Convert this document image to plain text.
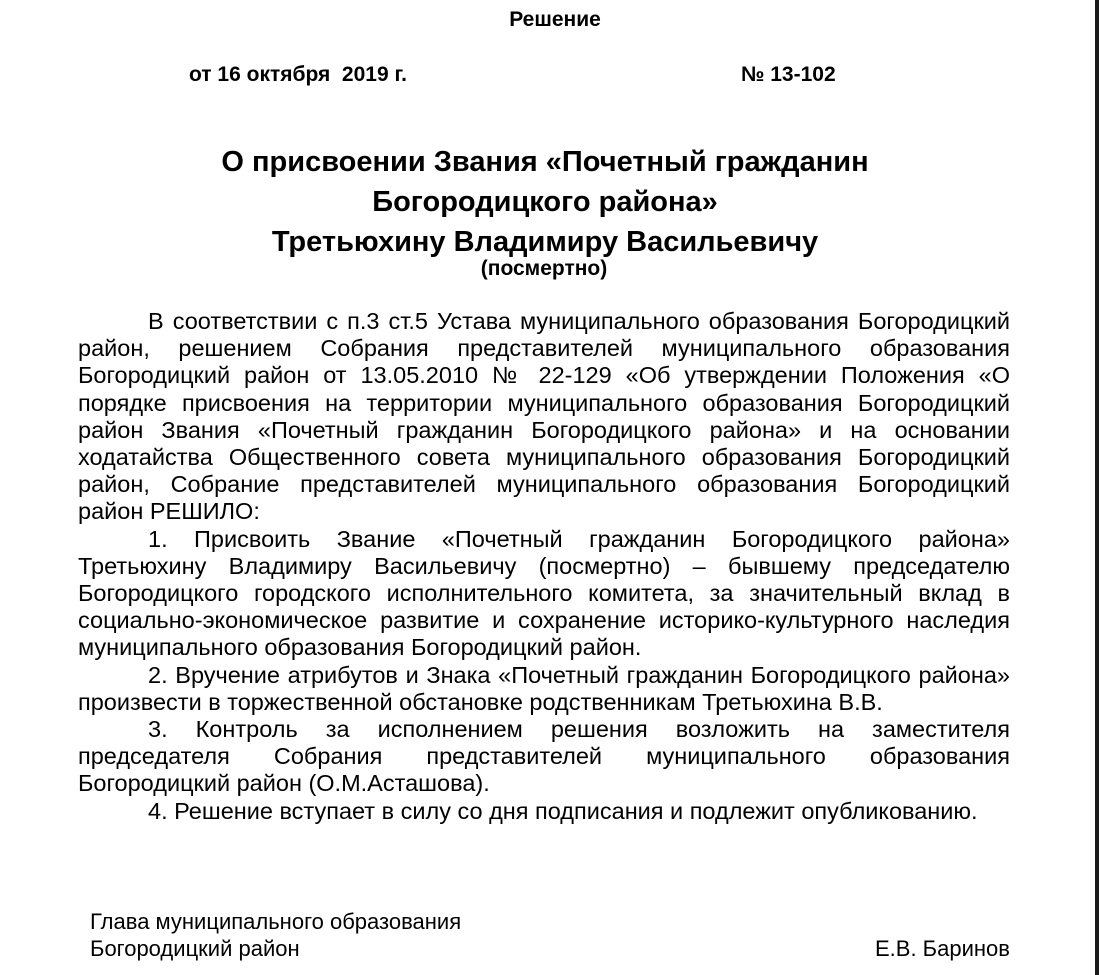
Решение
от 16 октября  2019 г.	№ 13-102
О присвоении Звания «Почетный гражданин
Богородицкого района»
Третьюхину Владимиру Васильевичу
(посмертно)

В соответствии с п.3 ст.5 Устава муниципального образования Богородицкий район, решением Собрания представителей муниципального образования Богородицкий район от 13.05.2010 № 22-129 «Об утверждении Положения «О порядке присвоения на территории муниципального образования Богородицкий район Звания «Почетный гражданин Богородицкого района» и на основании ходатайства Общественного совета муниципального образования Богородицкий район, Собрание представителей муниципального образования Богородицкий район РЕШИЛО:

1. Присвоить Звание «Почетный гражданин Богородицкого района» Третьюхину Владимиру Васильевичу (посмертно) – бывшему председателю Богородицкого городского исполнительного комитета, за значительный вклад в социально-экономическое развитие и сохранение историко-культурного наследия муниципального образования Богородицкий район.

2. Вручение атрибутов и Знака «Почетный гражданин Богородицкого района» произвести в торжественной обстановке родственникам Третьюхина В.В.

3. Контроль за исполнением решения возложить на заместителя председателя Собрания представителей муниципального образования Богородицкий район (О.М.Асташова).

4. Решение вступает в силу со дня подписания и подлежит опубликованию.

Глава муниципального образования
Богородицкий район	Е.В. Баринов
